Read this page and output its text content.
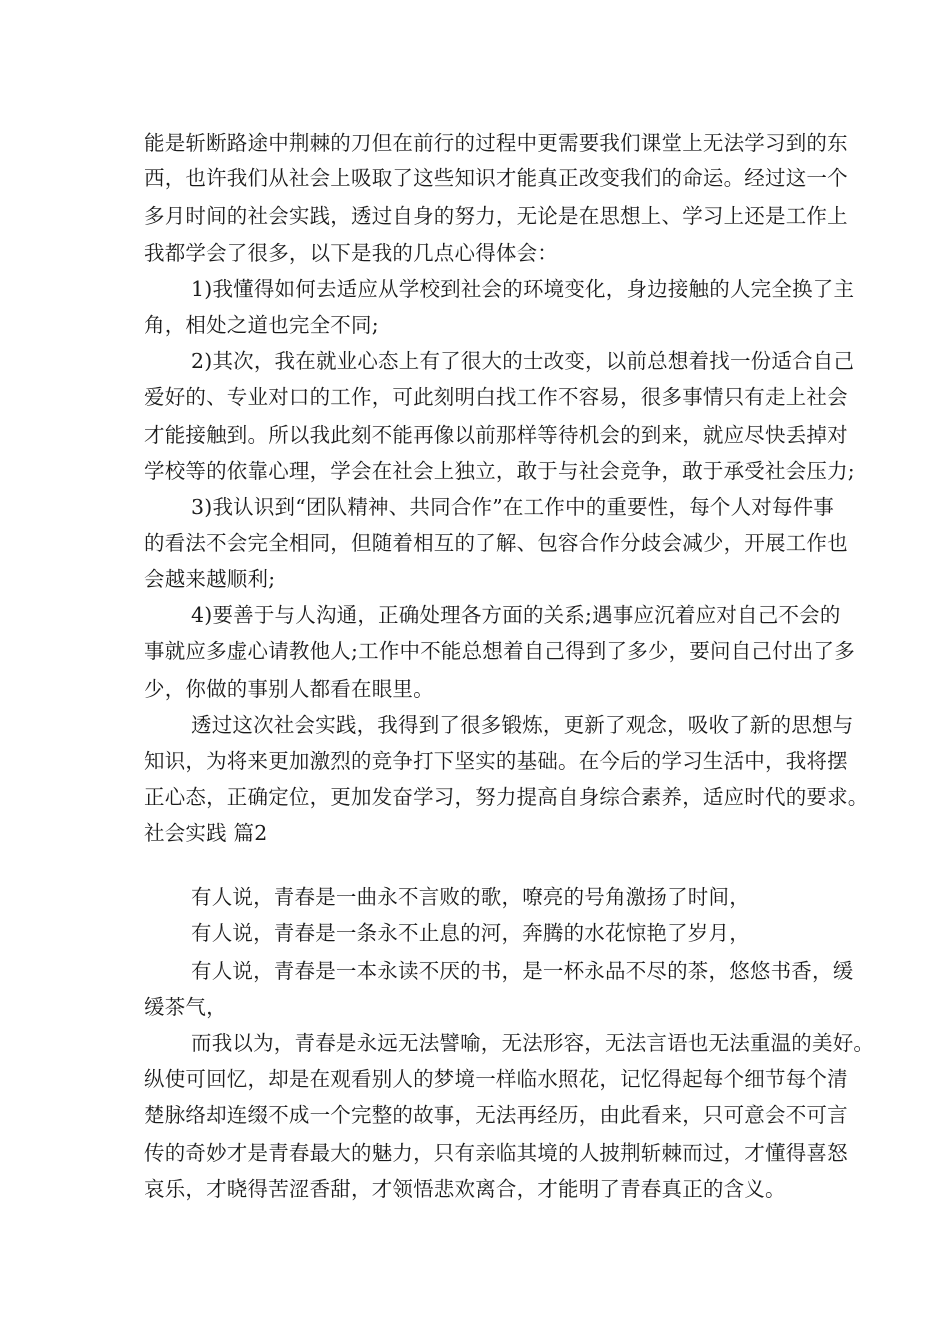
能是斩断路途中荆棘的刀但在前行的过程中更需要我们课堂上无法学习到的东
西，也许我们从社会上吸取了这些知识才能真正改变我们的命运。经过这一个
多月时间的社会实践，透过自身的努力，无论是在思想上、学习上还是工作上
我都学会了很多，以下是我的几点心得体会：
1)我懂得如何去适应从学校到社会的环境变化，身边接触的人完全换了主
角，相处之道也完全不同;
2)其次，我在就业心态上有了很大的士改变，以前总想着找一份适合自己
爱好的、专业对口的工作，可此刻明白找工作不容易，很多事情只有走上社会
才能接触到。所以我此刻不能再像以前那样等待机会的到来，就应尽快丢掉对
学校等的依靠心理，学会在社会上独立，敢于与社会竞争，敢于承受社会压力;
3)我认识到“团队精神、共同合作”在工作中的重要性，每个人对每件事
的看法不会完全相同，但随着相互的了解、包容合作分歧会减少，开展工作也
会越来越顺利;
4)要善于与人沟通，正确处理各方面的关系;遇事应沉着应对自己不会的
事就应多虚心请教他人;工作中不能总想着自己得到了多少，要问自己付出了多
少，你做的事别人都看在眼里。
透过这次社会实践，我得到了很多锻炼，更新了观念，吸收了新的思想与
知识，为将来更加激烈的竞争打下坚实的基础。在今后的学习生活中，我将摆
正心态，正确定位，更加发奋学习，努力提高自身综合素养，适应时代的要求。
社会实践 篇2
有人说，青春是一曲永不言败的歌，嘹亮的号角激扬了时间，
有人说，青春是一条永不止息的河，奔腾的水花惊艳了岁月，
有人说，青春是一本永读不厌的书，是一杯永品不尽的茶，悠悠书香，缓
缓茶气，
而我以为，青春是永远无法譬喻，无法形容，无法言语也无法重温的美好。
纵使可回忆，却是在观看别人的梦境一样临水照花，记忆得起每个细节每个清
楚脉络却连缀不成一个完整的故事，无法再经历，由此看来，只可意会不可言
传的奇妙才是青春最大的魅力，只有亲临其境的人披荆斩棘而过，才懂得喜怒
哀乐，才晓得苦涩香甜，才领悟悲欢离合，才能明了青春真正的含义。
